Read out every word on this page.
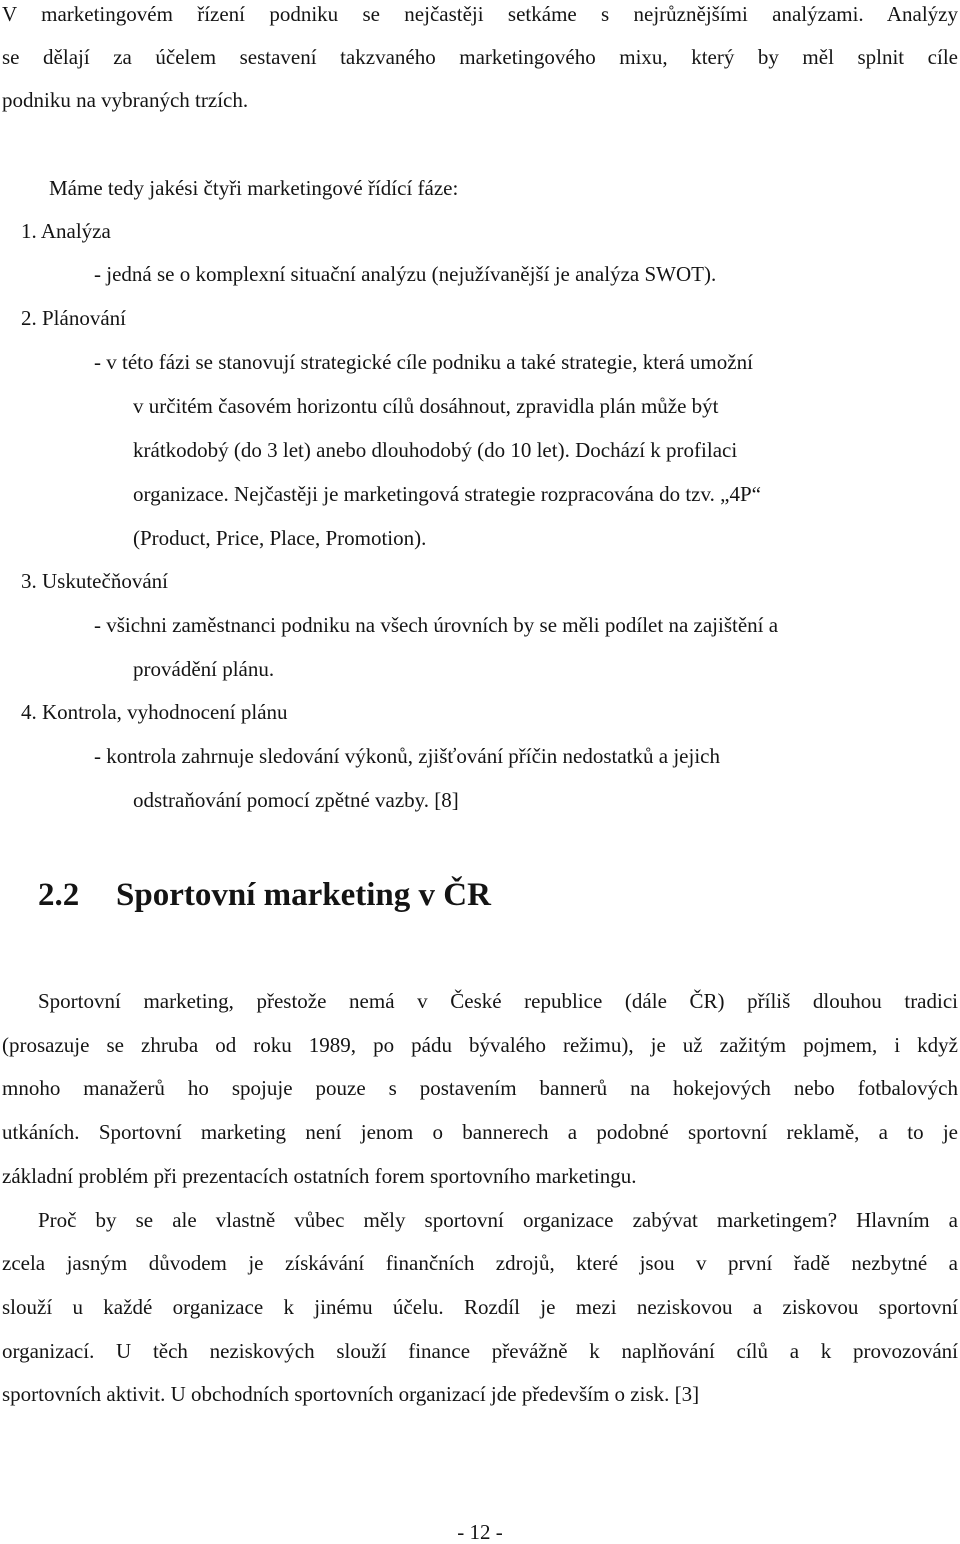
V marketingovém řízení podniku se nejčastěji setkáme s nejrůznějšími analýzami. Analýzy
se dělají za účelem sestavení takzvaného marketingového mixu, který by měl splnit cíle
podniku na vybraných trzích.
Máme tedy jakési čtyři marketingové řídící fáze:
1. Analýza
- jedná se o komplexní situační analýzu (nejužívanější je analýza SWOT).
2. Plánování
- v této fázi se stanovují strategické cíle podniku a také strategie, která umožní
v určitém časovém horizontu cílů dosáhnout, zpravidla plán může být
krátkodobý (do 3 let) anebo dlouhodobý (do 10 let). Dochází k profilaci
organizace. Nejčastěji je marketingová strategie rozpracována do tzv. „4P“
(Product, Price, Place, Promotion).
3. Uskutečňování
- všichni zaměstnanci podniku na všech úrovních by se měli podílet na zajištění a
provádění plánu.
4. Kontrola, vyhodnocení plánu
- kontrola zahrnuje sledování výkonů, zjišťování příčin nedostatků a jejich
odstraňování pomocí zpětné vazby. [8]
2.2 Sportovní marketing v ČR
Sportovní marketing, přestože nemá v České republice (dále ČR) příliš dlouhou tradici
(prosazuje se zhruba od roku 1989, po pádu bývalého režimu), je už zažitým pojmem, i když
mnoho manažerů ho spojuje pouze s postavením bannerů na hokejových nebo fotbalových
utkáních. Sportovní marketing není jenom o bannerech a podobné sportovní reklamě, a to je
základní problém při prezentacích ostatních forem sportovního marketingu.
Proč by se ale vlastně vůbec měly sportovní organizace zabývat marketingem? Hlavním a
zcela jasným důvodem je získávání finančních zdrojů, které jsou v první řadě nezbytné a
slouží u každé organizace k jinému účelu. Rozdíl je mezi neziskovou a ziskovou sportovní
organizací. U těch neziskových slouží finance převážně k naplňování cílů a k provozování
sportovních aktivit. U obchodních sportovních organizací jde především o zisk. [3]
- 12 -
